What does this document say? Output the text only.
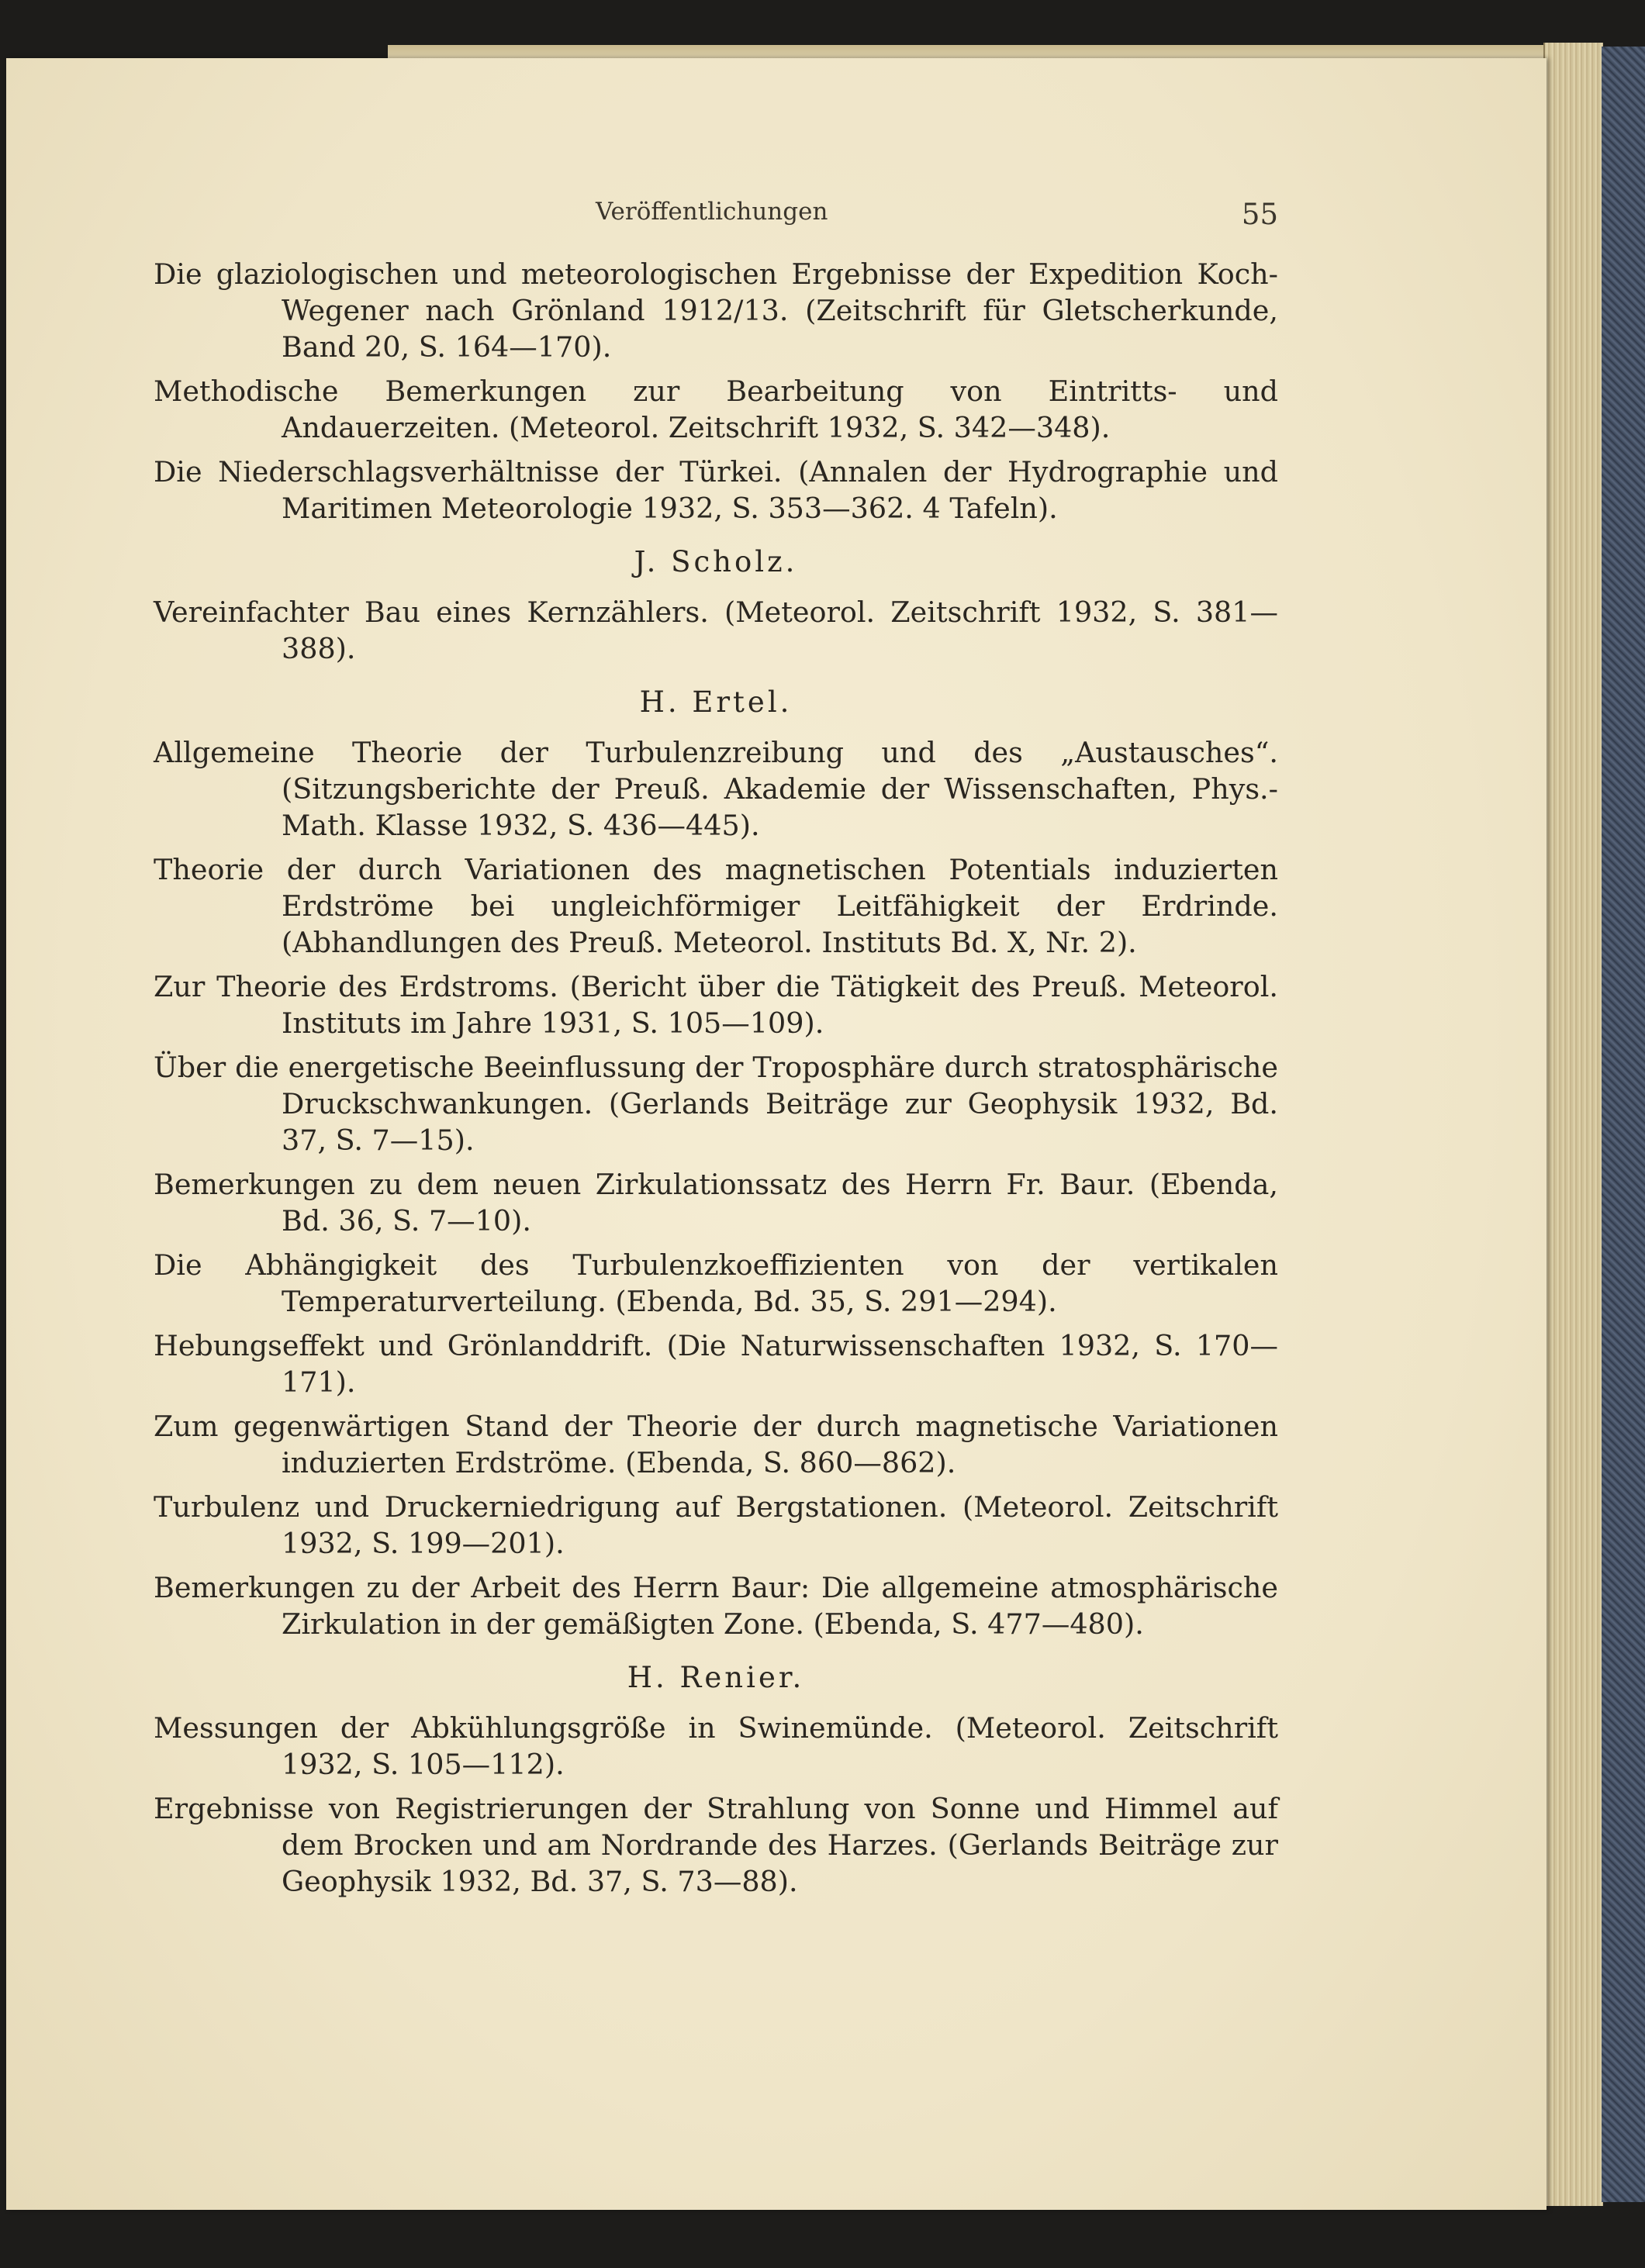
Veröffentlichungen	55

Die glaziologischen und meteorologischen Ergebnisse der Expedition Koch-Wegener nach Grönland 1912/13. (Zeitschrift für Gletscherkunde, Band 20, S. 164—170).

Methodische Bemerkungen zur Bearbeitung von Eintritts- und Andauerzeiten. (Meteorol. Zeitschrift 1932, S. 342—348).

Die Niederschlagsverhältnisse der Türkei. (Annalen der Hydrographie und Maritimen Meteorologie 1932, S. 353—362. 4 Tafeln).

J. Scholz.

Vereinfachter Bau eines Kernzählers. (Meteorol. Zeitschrift 1932, S. 381—388).

H. Ertel.

Allgemeine Theorie der Turbulenzreibung und des „Austausches“. (Sitzungsberichte der Preuß. Akademie der Wissenschaften, Phys.-Math. Klasse 1932, S. 436—445).

Theorie der durch Variationen des magnetischen Potentials induzierten Erdströme bei ungleichförmiger Leitfähigkeit der Erdrinde. (Abhandlungen des Preuß. Meteorol. Instituts Bd. X, Nr. 2).

Zur Theorie des Erdstroms. (Bericht über die Tätigkeit des Preuß. Meteorol. Instituts im Jahre 1931, S. 105—109).

Über die energetische Beeinflussung der Troposphäre durch stratosphärische Druckschwankungen. (Gerlands Beiträge zur Geophysik 1932, Bd. 37, S. 7—15).

Bemerkungen zu dem neuen Zirkulationssatz des Herrn Fr. Baur. (Ebenda, Bd. 36, S. 7—10).

Die Abhängigkeit des Turbulenzkoeffizienten von der vertikalen Temperaturverteilung. (Ebenda, Bd. 35, S. 291—294).

Hebungseffekt und Grönlanddrift. (Die Naturwissenschaften 1932, S. 170—171).

Zum gegenwärtigen Stand der Theorie der durch magnetische Variationen induzierten Erdströme. (Ebenda, S. 860—862).

Turbulenz und Druckerniedrigung auf Bergstationen. (Meteorol. Zeitschrift 1932, S. 199—201).

Bemerkungen zu der Arbeit des Herrn Baur: Die allgemeine atmosphärische Zirkulation in der gemäßigten Zone. (Ebenda, S. 477—480).

H. Renier.

Messungen der Abkühlungsgröße in Swinemünde. (Meteorol. Zeitschrift 1932, S. 105—112).

Ergebnisse von Registrierungen der Strahlung von Sonne und Himmel auf dem Brocken und am Nordrande des Harzes. (Gerlands Beiträge zur Geophysik 1932, Bd. 37, S. 73—88).
